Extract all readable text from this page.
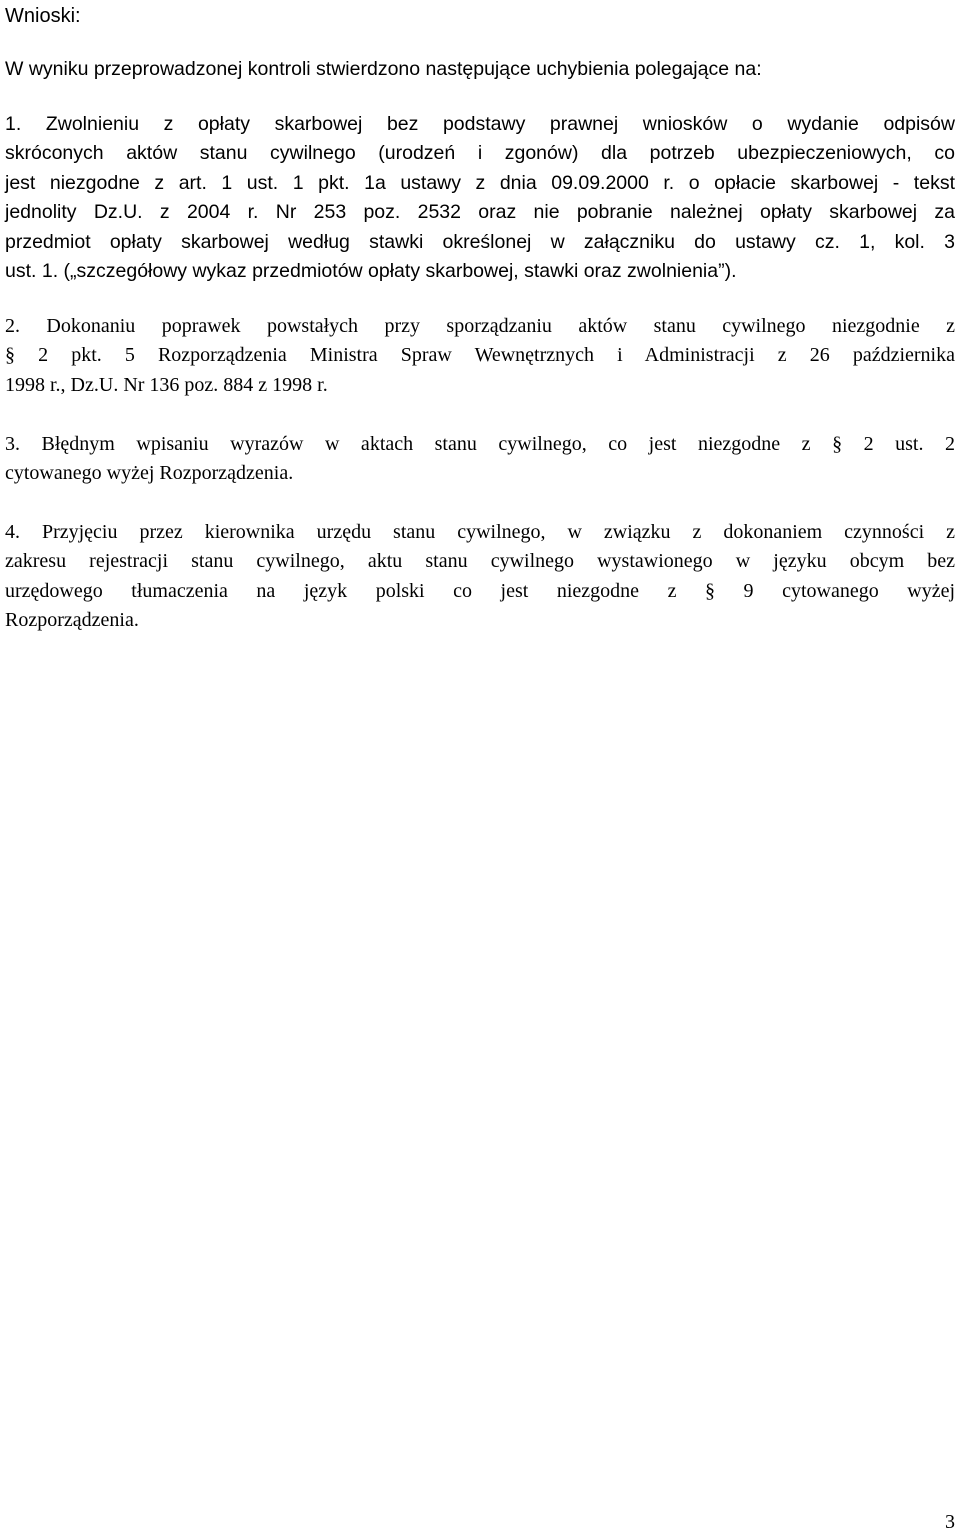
Wnioski:

W wyniku przeprowadzonej kontroli stwierdzono następujące uchybienia polegające na:

1. Zwolnieniu z opłaty skarbowej bez podstawy prawnej wniosków o wydanie odpisów
skróconych aktów stanu cywilnego (urodzeń i zgonów) dla potrzeb ubezpieczeniowych, co
jest niezgodne z art. 1 ust. 1 pkt. 1a ustawy z dnia 09.09.2000 r. o opłacie skarbowej - tekst
jednolity Dz.U. z 2004 r. Nr 253 poz. 2532 oraz nie pobranie należnej opłaty skarbowej za
przedmiot opłaty skarbowej według stawki określonej w załączniku do ustawy cz. 1, kol. 3
ust. 1. („szczegółowy wykaz przedmiotów opłaty skarbowej, stawki oraz zwolnienia”).

2. Dokonaniu poprawek powstałych przy sporządzaniu aktów stanu cywilnego niezgodnie z
§ 2 pkt. 5 Rozporządzenia Ministra Spraw Wewnętrznych i Administracji z 26 października
1998 r., Dz.U. Nr 136 poz. 884 z 1998 r.

3. Błędnym wpisaniu wyrazów w aktach stanu cywilnego, co jest niezgodne z § 2 ust. 2
cytowanego wyżej Rozporządzenia.

4. Przyjęciu przez kierownika urzędu stanu cywilnego, w związku z dokonaniem czynności z
zakresu rejestracji stanu cywilnego, aktu stanu cywilnego wystawionego w języku obcym bez
urzędowego tłumaczenia na język polski co jest niezgodne z § 9 cytowanego wyżej
Rozporządzenia.

3
